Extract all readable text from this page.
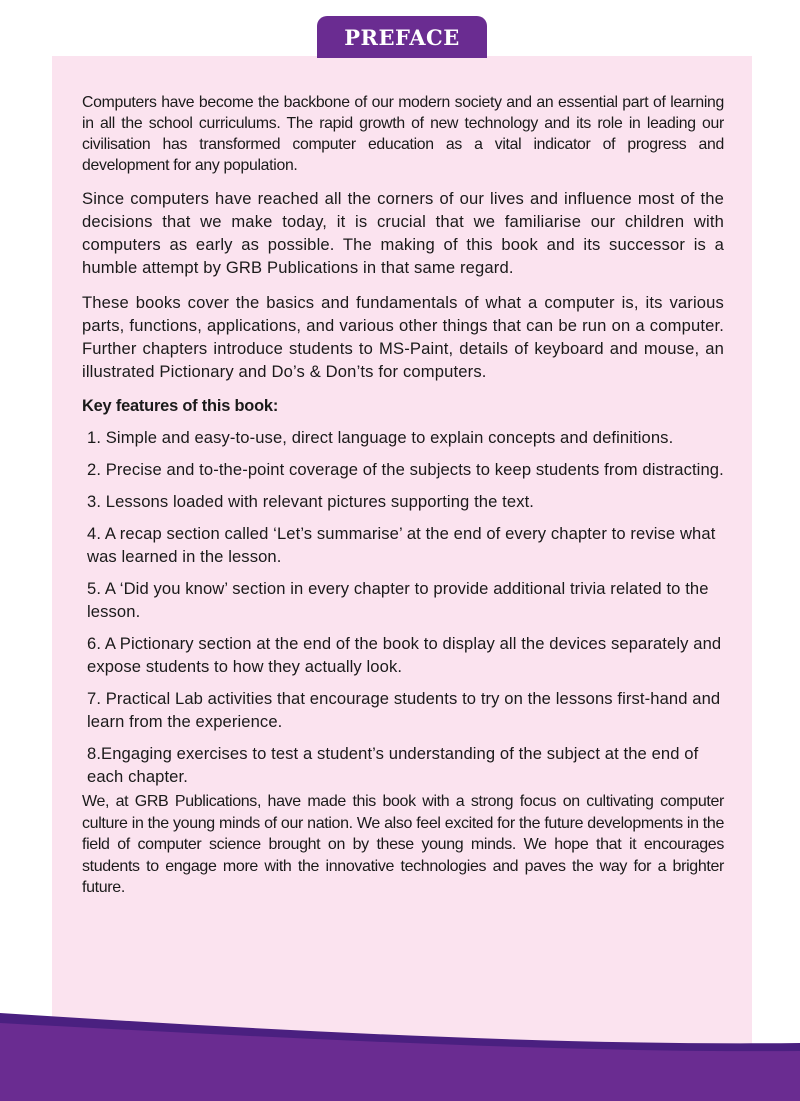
PREFACE

Computers have become the backbone of our modern society and an essential part of learning in all the school curriculums. The rapid growth of new technology and its role in leading our civilisation has transformed computer education as a vital indicator of progress and development for any population.

Since computers have reached all the corners of our lives and influence most of the decisions that we make today, it is crucial that we familiarise our children with computers as early as possible. The making of this book and its successor is a humble attempt by GRB Publications in that same regard.

These books cover the basics and fundamentals of what a computer is, its various parts, functions, applications, and various other things that can be run on a computer. Further chapters introduce students to MS-Paint, details of keyboard and mouse, an illustrated Pictionary and Do’s & Don’ts for computers.

Key features of this book:
1. Simple and easy-to-use, direct language to explain concepts and definitions.
2. Precise and to-the-point coverage of the subjects to keep students from distracting.
3. Lessons loaded with relevant pictures supporting the text.
4. A recap section called ‘Let’s summarise’ at the end of every chapter to revise what was learned in the lesson.
5. A ‘Did you know’ section in every chapter to provide additional trivia related to the lesson.
6. A Pictionary section at the end of the book to display all the devices separately and expose students to how they actually look.
7. Practical Lab activities that encourage students to try on the lessons first-hand and learn from the experience.
8.Engaging exercises to test a student’s understanding of the subject at the end of each chapter.

We, at GRB Publications, have made this book with a strong focus on cultivating computer culture in the young minds of our nation. We also feel excited for the future developments in the field of computer science brought on by these young minds. We hope that it encourages students to engage more with the innovative technologies and paves the way for a brighter future.
